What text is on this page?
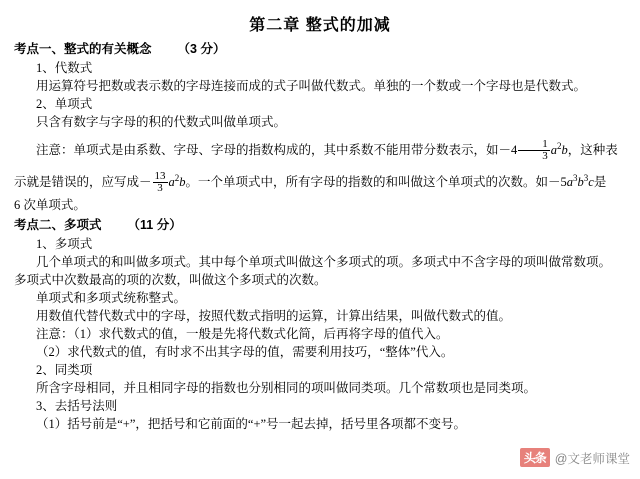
第二章 整式的加减
考点一、整式的有关概念 （3 分）
1、代数式
用运算符号把数或表示数的字母连接而成的式子叫做代数式。单独的一个数或一个字母也是代数式。
2、单项式
只含有数字与字母的积的代数式叫做单项式。
注意：单项式是由系数、字母、字母的指数构成的，其中系数不能用带分数表示，如$-4 \frac{1}{3} a^2b$，这种表
示就是错误的，应写成－ $\frac{13}{3} a^2b$。一个单项式中，所有字母的指数的和叫做这个单项式的次数。如$-5a^3b^3c$是
6 次单项式。
考点二、多项式 （11 分）
1、多项式
几个单项式的和叫做多项式。其中每个单项式叫做这个多项式的项。多项式中不含字母的项叫做常数项。
多项式中次数最高的项的次数，叫做这个多项式的次数。
单项式和多项式统称整式。
用数值代替代数式中的字母，按照代数式指明的运算，计算出结果，叫做代数式的值。
注意：（1）求代数式的值，一般是先将代数式化简，后再将字母的值代入。
（2）求代数式的值，有时求不出其字母的值，需要利用技巧，“整体”代入。
2、同类项
所含字母相同，并且相同字母的指数也分别相同的项叫做同类项。几个常数项也是同类项。
3、去括号法则
（1）括号前是“+”，把括号和它前面的“+”号一起去掉，括号里各项都不变号。
头条 @文老师课堂
